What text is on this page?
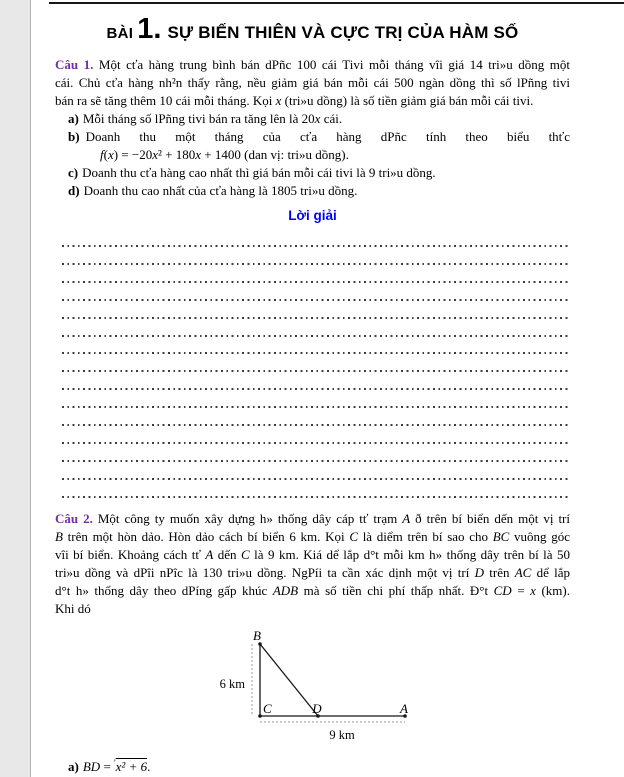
BÀI 1. SỰ BIẾN THIÊN VÀ CỰC TRỊ CỦA HÀM SỐ
Câu 1. Một cťa hàng trung bình bán dPñc 100 cái Tivi mỗi tháng vîi giá 14 tri»u dồng một
cái. Chủ cťa hàng nh²n thấy rằng, nều giảm giá bán mỗi cái 500 ngàn dồng thì số lPñng tivi
bán ra sẽ tăng thêm 10 cái mỗi tháng. Kọi x (tri»u dồng) là số tiền giảm giá bán mỗi cái tivi.
a) Mỗi tháng số lPñng tivi bán ra tăng lên là 20x cái.
b) Doanh thu một tháng của cťa hàng dPñc tính theo biểu thťc
f(x) = −20x² + 180x + 1400 (dan vị: tri»u dồng).
c) Doanh thu cťa hàng cao nhất thì giá bán mỗi cái tivi là 9 tri»u dồng.
d) Doanh thu cao nhất của cťa hàng là 1805 tri»u dồng.
Lời giải
Câu 2. Một công ty muốn xây dựng h» thống dây cáp tť trạm A ð trên bí biển dến một vị trí
B trên một hòn dảo. Hòn dảo cách bí biển 6 km. Kọi C là diểm trên bí sao cho BC vuông góc
vîi bí biển. Khoảng cách tť A dến C là 9 km. Kiá dể lắp d°t mỗi km h» thống dây trên bí là 50
tri»u dồng và dPîi nPîc là 130 tri»u dồng. NgPíi ta cần xác dịnh một vị trí D trên AC dể lắp
d°t h» thống dây theo dPíng gấp khúc ADB mà số tiền chi phí thấp nhất. Đ°t CD = x (km).
Khi dó
B
C	D	A
6 km
9 km
a) BD = 'x² + 6.
